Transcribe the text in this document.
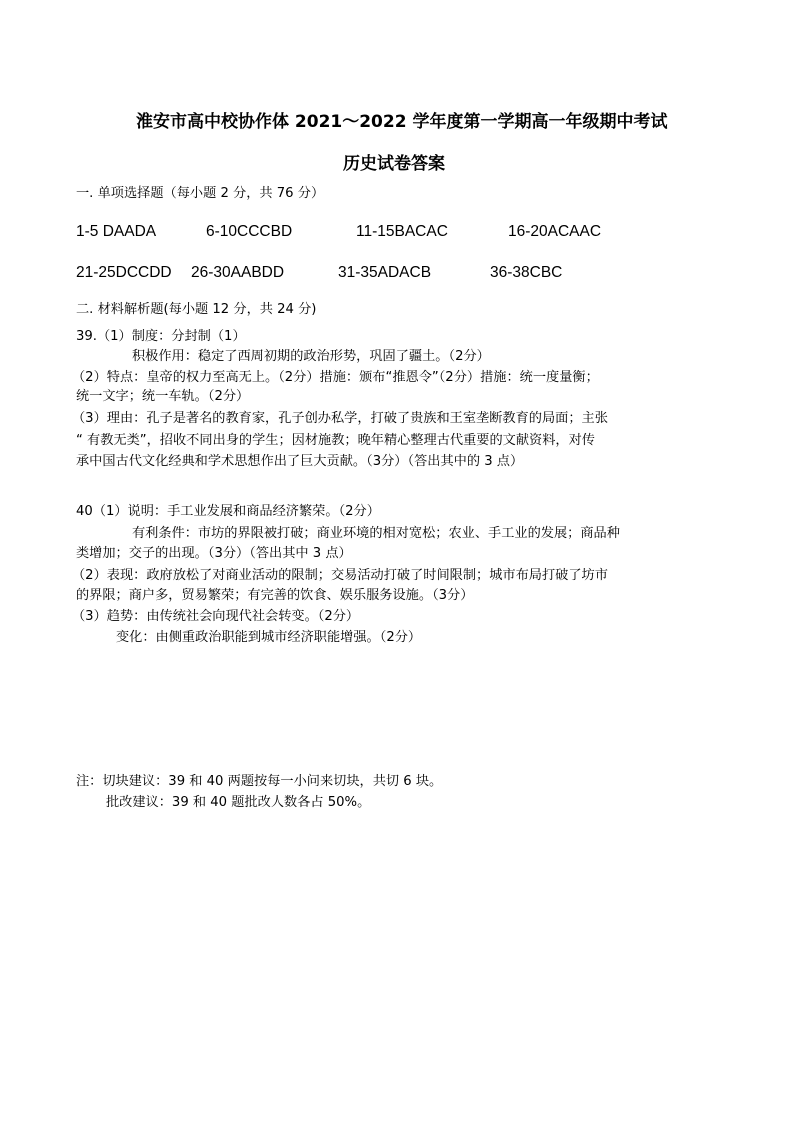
淮安市高中校协作体 2021～2022 学年度第一学期高一年级期中考试
历史试卷答案
一. 单项选择题（每小题 2 分，共 76 分）
1-5 DAADA	6-10CCCBD	11-15BACAC	16-20ACAAC
21-25DCCDD 26-30AABDD	31-35ADACB	36-38CBC
二. 材料解析题(每小题 12 分，共 24 分)
39.（1）制度：分封制（1）
积极作用：稳定了西周初期的政治形势，巩固了疆土。（2分）
（2）特点：皇帝的权力至高无上。（2分）措施：颁布“推恩令”（2分）措施：统一度量衡；
统一文字；统一车轨。（2分）
（3）理由：孔子是著名的教育家，孔子创办私学，打破了贵族和王室垄断教育的局面；主张
“ 有教无类”，招收不同出身的学生；因材施教；晚年精心整理古代重要的文献资料，对传
承中国古代文化经典和学术思想作出了巨大贡献。（3分）（答出其中的 3 点）
40（1）说明：手工业发展和商品经济繁荣。（2分）
有利条件：市坊的界限被打破；商业环境的相对宽松；农业、手工业的发展；商品种
类增加；交子的出现。（3分）（答出其中 3 点）
（2）表现：政府放松了对商业活动的限制；交易活动打破了时间限制；城市布局打破了坊市
的界限；商户多，贸易繁荣；有完善的饮食、娱乐服务设施。（3分）
（3）趋势：由传统社会向现代社会转变。（2分）
变化：由侧重政治职能到城市经济职能增强。（2分）
注：切块建议：39 和 40 两题按每一小问来切块，共切 6 块。
批改建议：39 和 40 题批改人数各占 50%。
